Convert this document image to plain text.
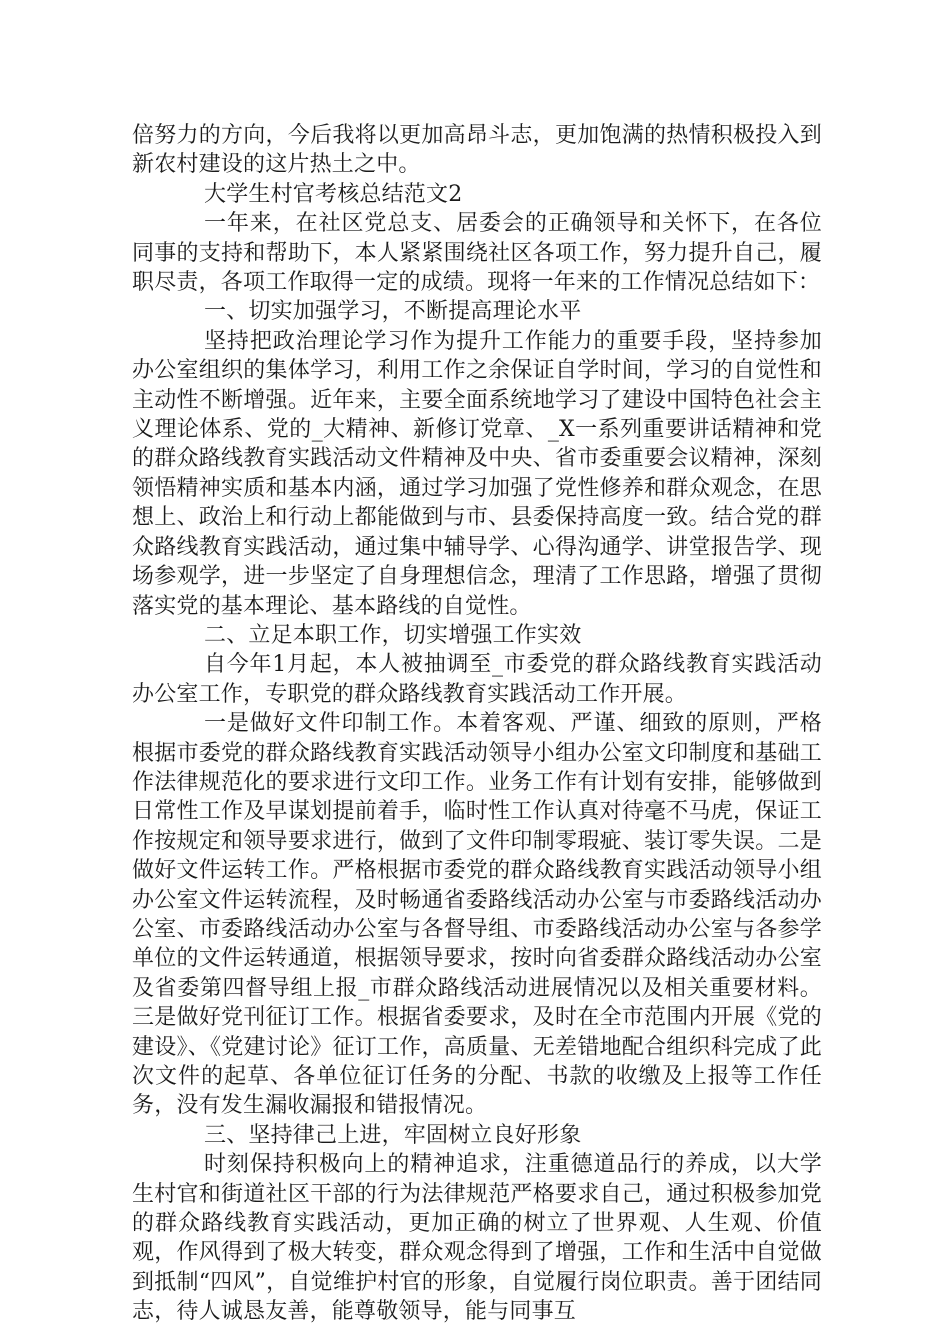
倍努力的方向，今后我将以更加高昂斗志，更加饱满的热情积极投入到新农村建设的这片热土之中。

大学生村官考核总结范文2

一年来，在社区党总支、居委会的正确领导和关怀下，在各位同事的支持和帮助下，本人紧紧围绕社区各项工作，努力提升自己，履职尽责，各项工作取得一定的成绩。现将一年来的工作情况总结如下：

一、切实加强学习，不断提高理论水平

坚持把政治理论学习作为提升工作能力的重要手段，坚持参加办公室组织的集体学习，利用工作之余保证自学时间，学习的自觉性和主动性不断增强。近年来，主要全面系统地学习了建设中国特色社会主义理论体系、党的_大精神、新修订党章、_X一系列重要讲话精神和党的群众路线教育实践活动文件精神及中央、省市委重要会议精神，深刻领悟精神实质和基本内涵，通过学习加强了党性修养和群众观念，在思想上、政治上和行动上都能做到与市、县委保持高度一致。结合党的群众路线教育实践活动，通过集中辅导学、心得沟通学、讲堂报告学、现场参观学，进一步坚定了自身理想信念，理清了工作思路，增强了贯彻落实党的基本理论、基本路线的自觉性。

二、立足本职工作，切实增强工作实效

自今年1月起，本人被抽调至_市委党的群众路线教育实践活动办公室工作，专职党的群众路线教育实践活动工作开展。

一是做好文件印制工作。本着客观、严谨、细致的原则，严格根据市委党的群众路线教育实践活动领导小组办公室文印制度和基础工作法律规范化的要求进行文印工作。业务工作有计划有安排，能够做到日常性工作及早谋划提前着手，临时性工作认真对待毫不马虎，保证工作按规定和领导要求进行，做到了文件印制零瑕疵、装订零失误。二是做好文件运转工作。严格根据市委党的群众路线教育实践活动领导小组办公室文件运转流程，及时畅通省委路线活动办公室与市委路线活动办公室、市委路线活动办公室与各督导组、市委路线活动办公室与各参学单位的文件运转通道，根据领导要求，按时向省委群众路线活动办公室及省委第四督导组上报_市群众路线活动进展情况以及相关重要材料。三是做好党刊征订工作。根据省委要求，及时在全市范围内开展《党的建设》、《党建讨论》征订工作，高质量、无差错地配合组织科完成了此次文件的起草、各单位征订任务的分配、书款的收缴及上报等工作任务，没有发生漏收漏报和错报情况。

三、坚持律己上进，牢固树立良好形象

时刻保持积极向上的精神追求，注重德道品行的养成，以大学生村官和街道社区干部的行为法律规范严格要求自己，通过积极参加党的群众路线教育实践活动，更加正确的树立了世界观、人生观、价值观，作风得到了极大转变，群众观念得到了增强，工作和生活中自觉做到抵制“四风”，自觉维护村官的形象，自觉履行岗位职责。善于团结同志，待人诚恳友善，能尊敬领导，能与同事互
